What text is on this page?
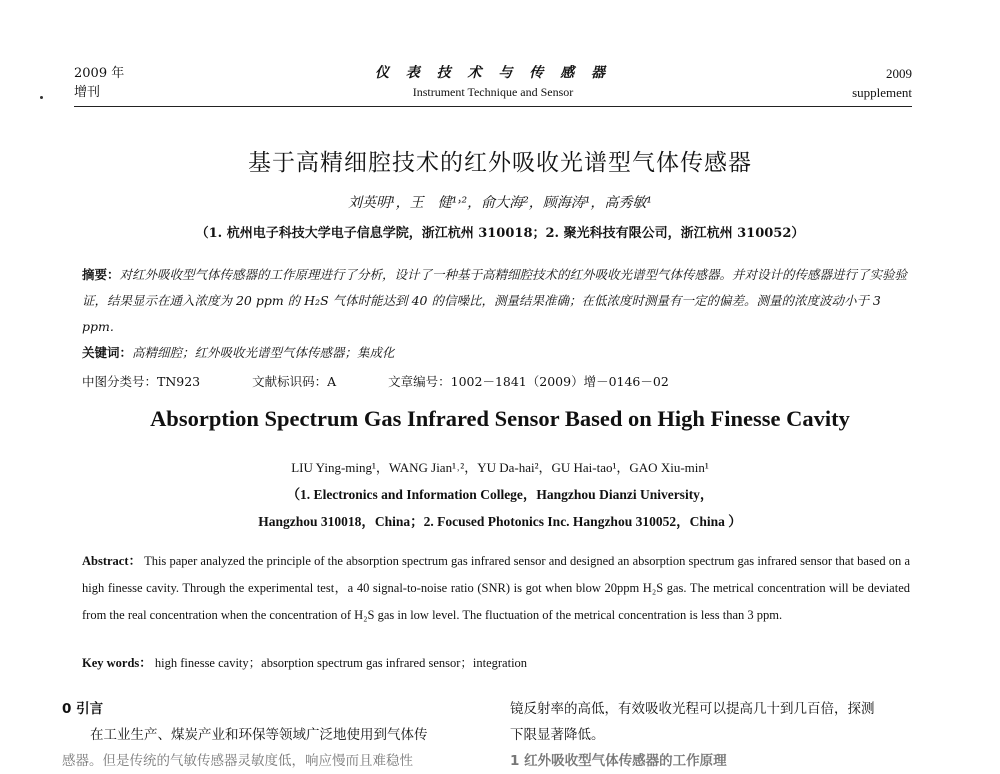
2009 年
增刊
仪 表 技 术 与 传 感 器
Instrument Technique and Sensor
2009
supplement
基于高精细腔技术的红外吸收光谱型气体传感器
刘英明¹，王　健¹˒²，俞大海²，顾海涛¹，高秀敏¹
（1. 杭州电子科技大学电子信息学院，浙江杭州 310018；2. 聚光科技有限公司，浙江杭州 310052）
摘要：对红外吸收型气体传感器的工作原理进行了分析，设计了一种基于高精细腔技术的红外吸收光谱型气体传感器。并对设计的传感器进行了实验验证，结果显示在通入浓度为 20 ppm 的 H₂S 气体时能达到 40 的信噪比，测量结果准确；在低浓度时测量有一定的偏差。测量的浓度波动小于 3 ppm.
关键词：高精细腔；红外吸收光谱型气体传感器；集成化
中图分类号：TN923	文献标识码：A	文章编号：1002－1841（2009）增－0146－02
Absorption Spectrum Gas Infrared Sensor Based on High Finesse Cavity
LIU Ying-ming¹，WANG Jian¹˒²，YU Da-hai²，GU Hai-tao¹，GAO Xiu-min¹
（1. Electronics and Information College，Hangzhou Dianzi University，
Hangzhou 310018，China；2. Focused Photonics Inc. Hangzhou 310052，China ）
Abstract： This paper analyzed the principle of the absorption spectrum gas infrared sensor and designed an absorption spectrum gas infrared sensor that based on a high finesse cavity. Through the experimental test，a 40 signal-to-noise ratio (SNR) is got when blow 20ppm H₂S gas. The metrical concentration will be deviated from the real concentration when the concentration of H₂S gas in low level. The fluctuation of the metrical concentration is less than 3 ppm.
Key words： high finesse cavity；absorption spectrum gas infrared sensor；integration
0 引言
在工业生产、煤炭产业和环保等领域广泛地使用到气体传
感器。但是传统的气敏传感器灵敏度低，响应慢而且难稳性
镜反射率的高低，有效吸收光程可以提高几十到几百倍，探测
下限显著降低。
1 红外吸收型气体传感器的工作原理
